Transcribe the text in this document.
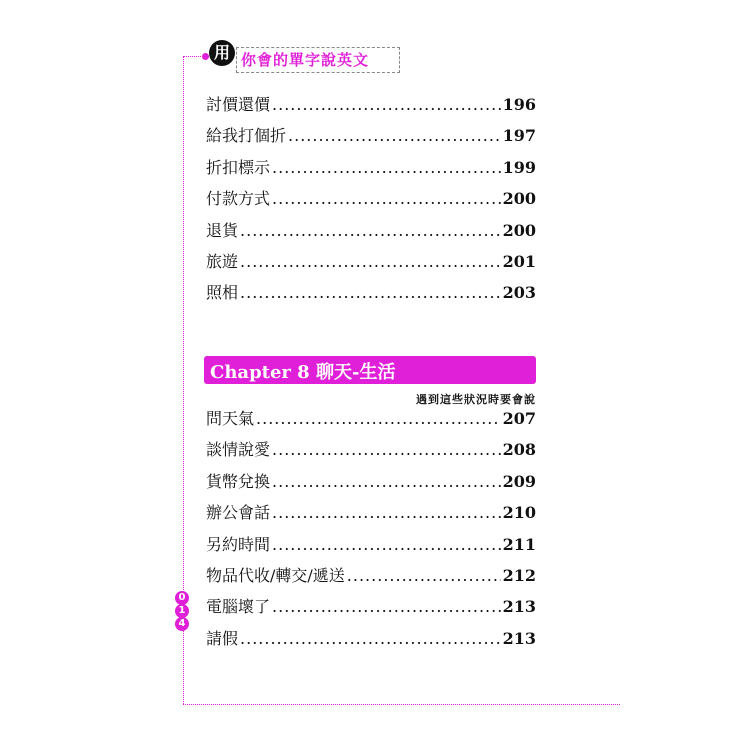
用 你會的單字說英文
討價還價 .....	196
給我打個折 .....	197
折扣標示 .....	199
付款方式 .....	200
退貨 .....	200
旅遊 .....	201
照相 .....	203
Chapter 8 聊天-生活
遇到這些狀況時要會說
問天氣 .....	207
談情說愛 .....	208
貨幣兌換 .....	209
辦公會話 .....	210
另約時間 .....	211
物品代收/轉交/遞送 .....	212
電腦壞了 .....	213
請假 .....	213
0
1
4
